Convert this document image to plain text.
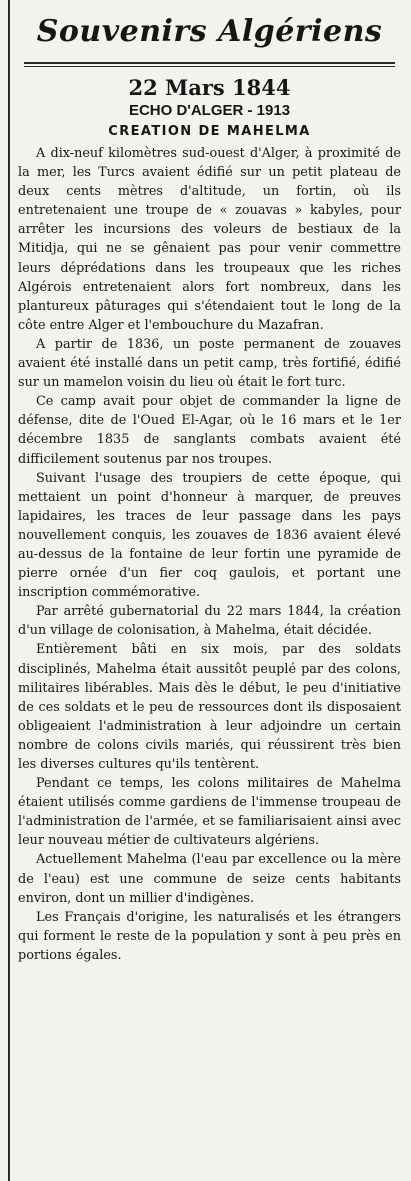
Souvenirs Algériens
22 Mars 1844
ECHO D'ALGER - 1913
CREATION DE MAHELMA

A dix-neuf kilomètres sud-ouest d'Alger, à proximité de la mer, les Turcs avaient édifié sur un petit plateau de deux cents mètres d'altitude, un fortin, où ils entretenaient une troupe de « zouavas » kabyles, pour arrêter les incursions des voleurs de bestiaux de la Mitidja, qui ne se gênaient pas pour venir commettre leurs déprédations dans les troupeaux que les riches Algérois entretenaient alors fort nombreux, dans les plantureux pâturages qui s'étendaient tout le long de la côte entre Alger et l'embouchure du Mazafran.

A partir de 1836, un poste permanent de zouaves avaient été installé dans un petit camp, très fortifié, édifié sur un mamelon voisin du lieu où était le fort turc.

Ce camp avait pour objet de commander la ligne de défense, dite de l'Oued El-Agar, où le 16 mars et le 1er décembre 1835 de sanglants combats avaient été difficilement soutenus par nos troupes.

Suivant l'usage des troupiers de cette époque, qui mettaient un point d'honneur à marquer, de preuves lapidaires, les traces de leur passage dans les pays nouvellement conquis, les zouaves de 1836 avaient élevé au-dessus de la fontaine de leur fortin une pyramide de pierre ornée d'un fier coq gaulois, et portant une inscription commémorative.

Par arrêté gubernatorial du 22 mars 1844, la création d'un village de colonisation, à Mahelma, était décidée.

Entièrement bâti en six mois, par des soldats disciplinés, Mahelma était aussitôt peuplé par des colons, militaires libérables. Mais dès le début, le peu d'initiative de ces soldats et le peu de ressources dont ils disposaient obligeaient l'administration à leur adjoindre un certain nombre de colons civils mariés, qui réussirent très bien les diverses cultures qu'ils tentèrent.

Pendant ce temps, les colons militaires de Mahelma étaient utilisés comme gardiens de l'immense troupeau de l'administration de l'armée, et se familiarisaient ainsi avec leur nouveau métier de cultivateurs algériens.

Actuellement Mahelma (l'eau par excellence ou la mère de l'eau) est une commune de seize cents habitants environ, dont un millier d'indigènes.

Les Français d'origine, les naturalisés et les étrangers qui forment le reste de la population y sont à peu près en portions égales.
